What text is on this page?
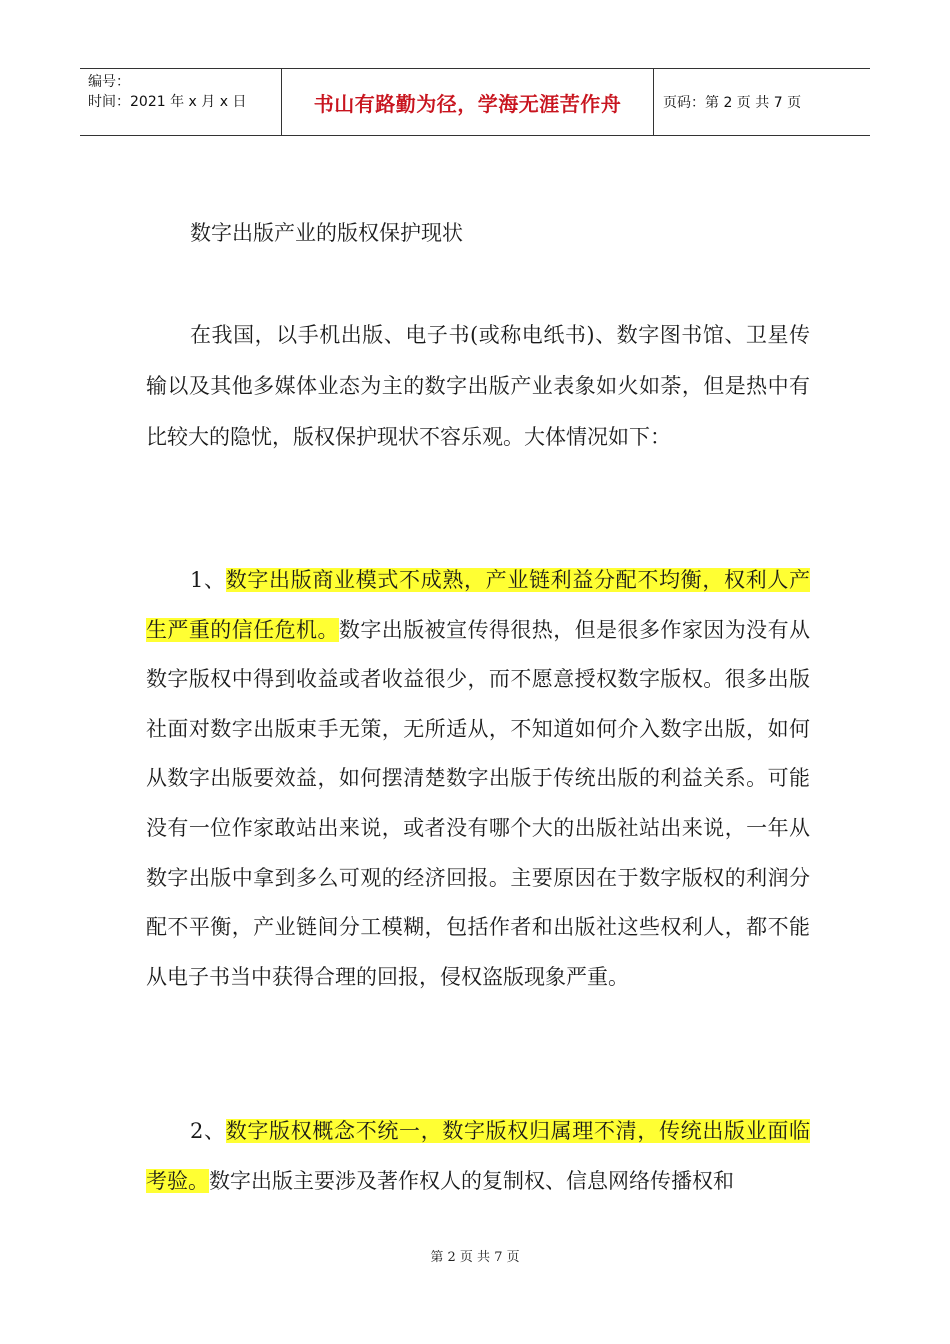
编号：
时间：2021 年 x 月 x 日	书山有路勤为径，学海无涯苦作舟	页码：第 2 页 共 7 页
数字出版产业的版权保护现状
在我国，以手机出版、电子书(或称电纸书)、数字图书馆、卫星传输以及其他多媒体业态为主的数字出版产业表象如火如荼，但是热中有比较大的隐忧，版权保护现状不容乐观。大体情况如下：
1、数字出版商业模式不成熟，产业链利益分配不均衡，权利人产生严重的信任危机。数字出版被宣传得很热，但是很多作家因为没有从数字版权中得到收益或者收益很少，而不愿意授权数字版权。很多出版社面对数字出版束手无策，无所适从，不知道如何介入数字出版，如何从数字出版要效益，如何摆清楚数字出版于传统出版的利益关系。可能没有一位作家敢站出来说，或者没有哪个大的出版社站出来说，一年从数字出版中拿到多么可观的经济回报。主要原因在于数字版权的利润分配不平衡，产业链间分工模糊，包括作者和出版社这些权利人，都不能从电子书当中获得合理的回报，侵权盗版现象严重。
2、数字版权概念不统一，数字版权归属理不清，传统出版业面临考验。数字出版主要涉及著作权人的复制权、信息网络传播权和
第 2 页 共 7 页
